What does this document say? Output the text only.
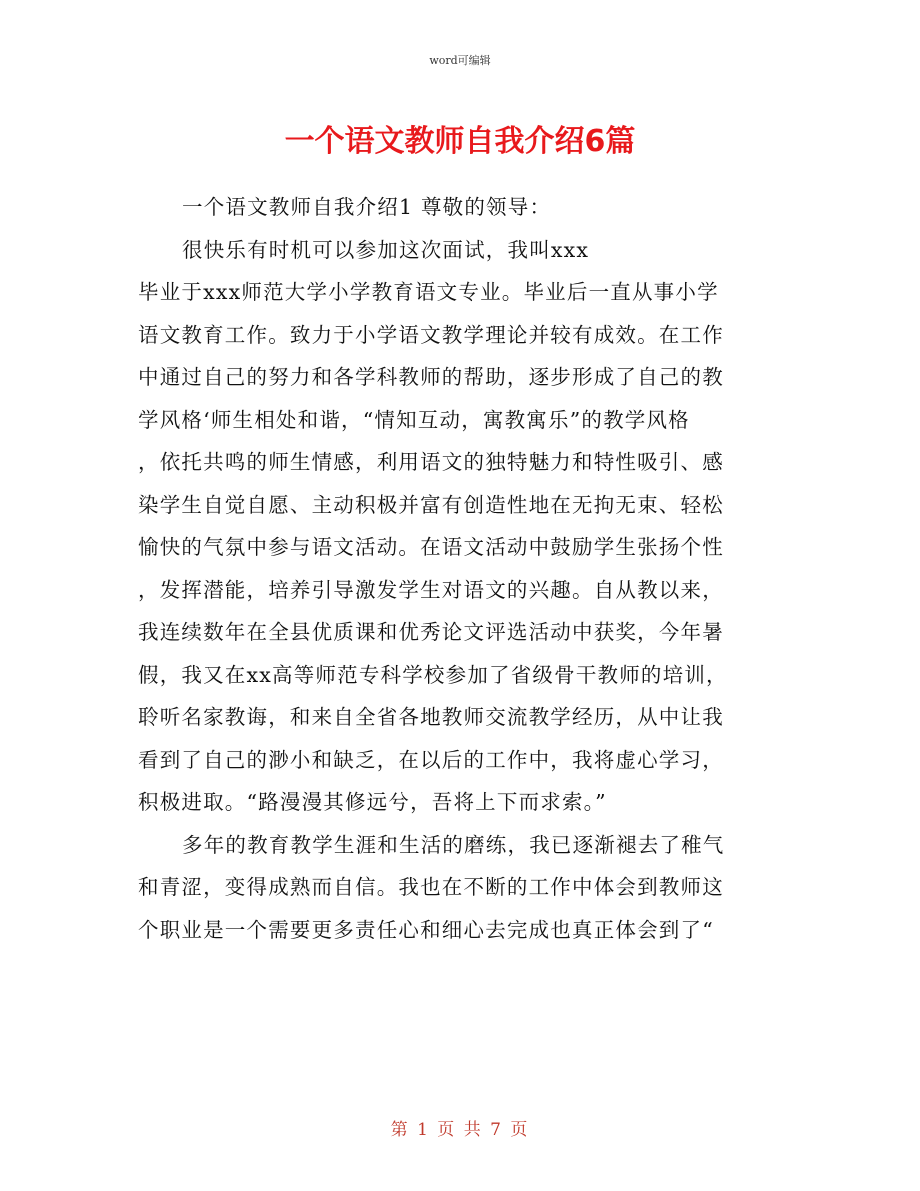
word可编辑
一个语文教师自我介绍6篇
一个语文教师自我介绍1 尊敬的领导：
很快乐有时机可以参加这次面试，我叫xxx
毕业于xxx师范大学小学教育语文专业。毕业后一直从事小学
语文教育工作。致力于小学语文教学理论并较有成效。在工作
中通过自己的努力和各学科教师的帮助，逐步形成了自己的教
学风格‘师生相处和谐，“情知互动，寓教寓乐”的教学风格
，依托共鸣的师生情感，利用语文的独特魅力和特性吸引、感
染学生自觉自愿、主动积极并富有创造性地在无拘无束、轻松
愉快的气氛中参与语文活动。在语文活动中鼓励学生张扬个性
，发挥潜能，培养引导激发学生对语文的兴趣。自从教以来，
我连续数年在全县优质课和优秀论文评选活动中获奖，今年暑
假，我又在xx高等师范专科学校参加了省级骨干教师的培训，
聆听名家教诲，和来自全省各地教师交流教学经历，从中让我
看到了自己的渺小和缺乏，在以后的工作中，我将虚心学习，
积极进取。“路漫漫其修远兮，吾将上下而求索。”
多年的教育教学生涯和生活的磨练，我已逐渐褪去了稚气
和青涩，变得成熟而自信。我也在不断的工作中体会到教师这
个职业是一个需要更多责任心和细心去完成也真正体会到了“
第 1 页 共 7 页
